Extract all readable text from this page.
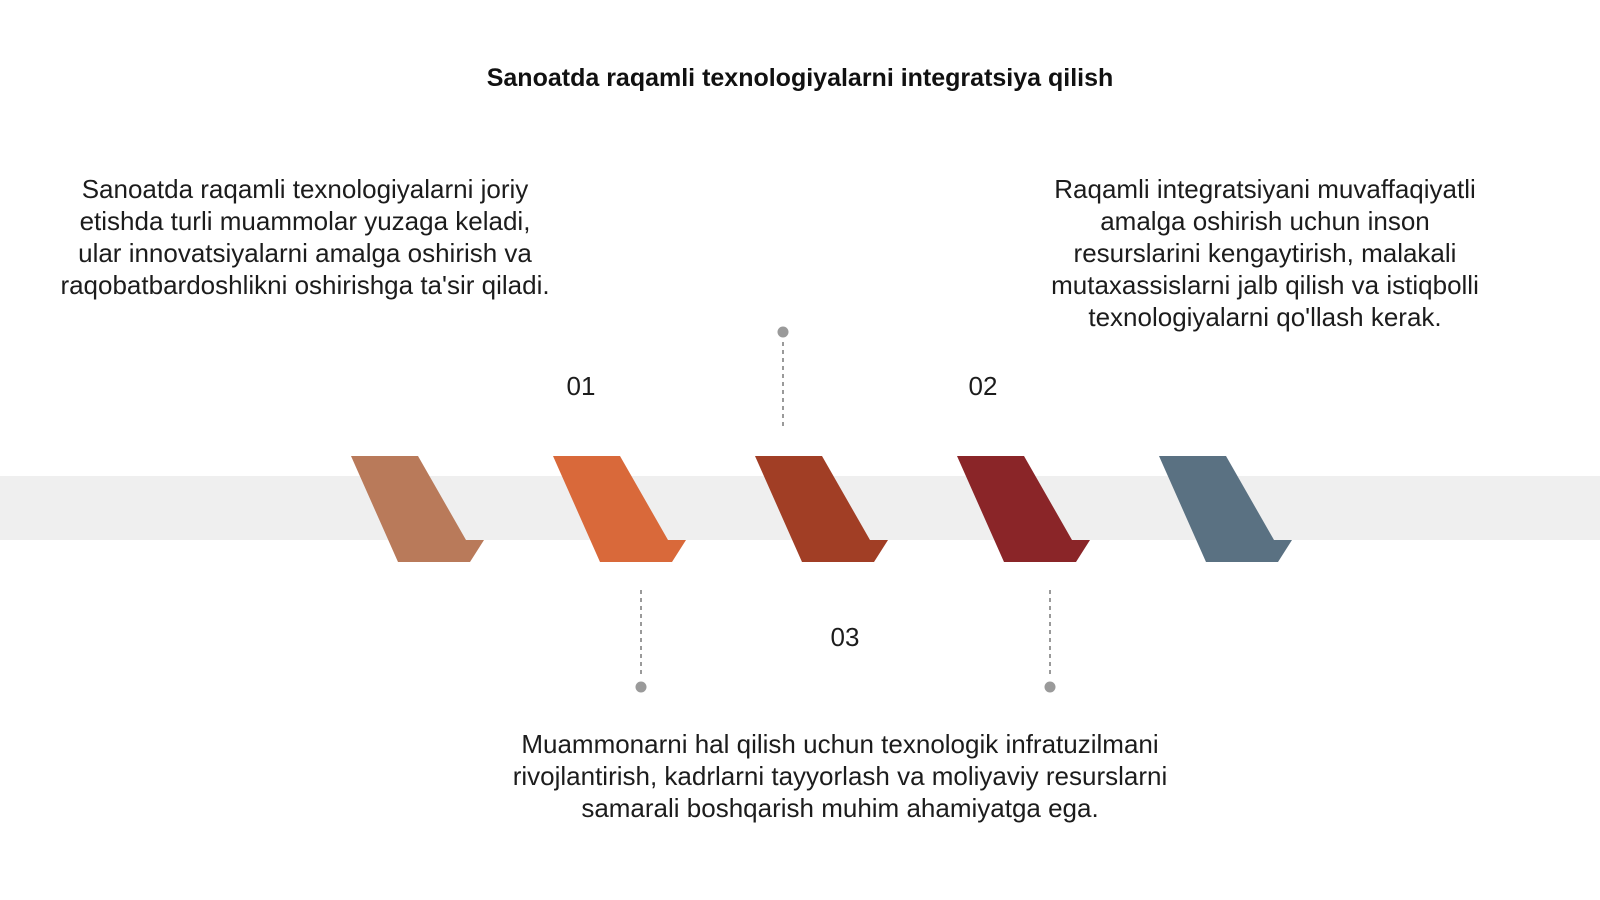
Sanoatda raqamli texnologiyalarni integratsiya qilish
01	02
03

Sanoatda raqamli texnologiyalarni joriy etishda turli muammolar yuzaga keladi, ular innovatsiyalarni amalga oshirish va raqobatbardoshlikni oshirishga ta'sir qiladi.

Raqamli integratsiyani muvaffaqiyatli amalga oshirish uchun inson resurslarini kengaytirish, malakali mutaxassislarni jalb qilish va istiqbolli texnologiyalarni qo'llash kerak.

Muammonarni hal qilish uchun texnologik infratuzilmani rivojlantirish, kadrlarni tayyorlash va moliyaviy resurslarni samarali boshqarish muhim ahamiyatga ega.
